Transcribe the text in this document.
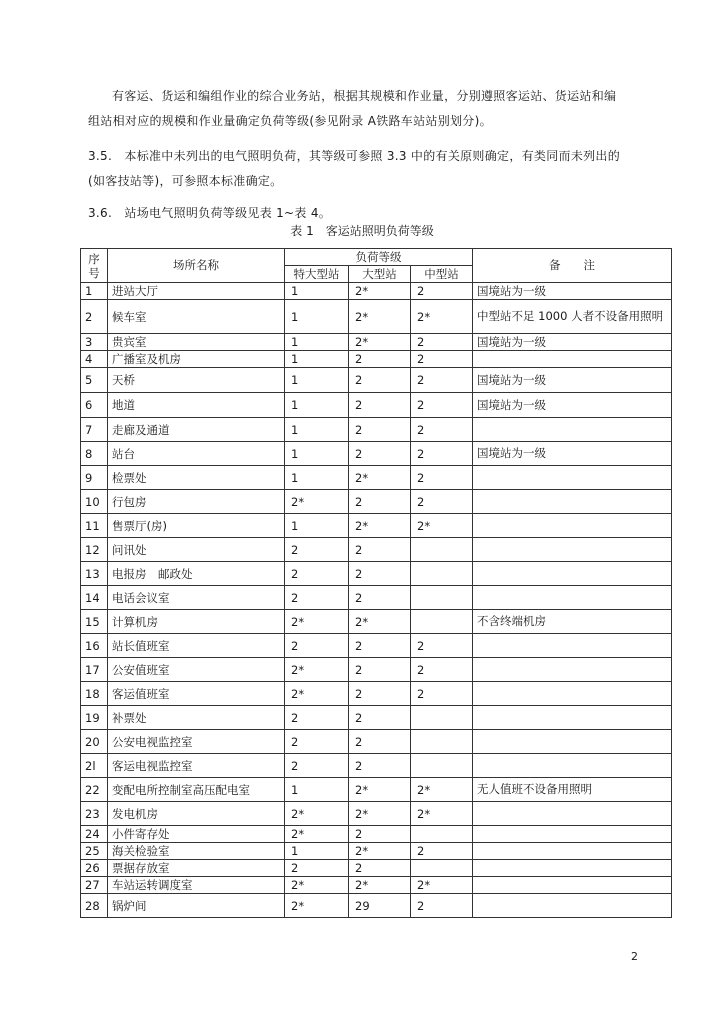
有客运、货运和编组作业的综合业务站，根据其规模和作业量，分别遵照客运站、货运站和编
组站相对应的规模和作业量确定负荷等级(参见附录 A铁路车站站别划分)。

3.5.　本标准中未列出的电气照明负荷，其等级可参照 3.3 中的有关原则确定，有类同而未列出的
(如客技站等)，可参照本标准确定。

3.6.　站场电气照明负荷等级见表 1~表 4。

表 1　客运站照明负荷等级
序号	场所名称	负荷等级			备　　注
		特大型站	大型站	中型站	
1	进站大厅	1	2*	2	国境站为一级
2	候车室	1	2*	2*	中型站不足 1000 人者不设备用照明
3	贵宾室	1	2*	2	国境站为一级
4	广播室及机房	1	2	2	
5	天桥	1	2	2	国境站为一级
6	地道	1	2	2	国境站为一级
7	走廊及通道	1	2	2	
8	站台	1	2	2	国境站为一级
9	检票处	1	2*	2	
10	行包房	2*	2	2	
11	售票厅(房)	1	2*	2*	
12	问讯处	2	2		
13	电报房　邮政处	2	2		
14	电话会议室	2	2		
15	计算机房	2*	2*		不含终端机房
16	站长值班室	2	2	2	
17	公安值班室	2*	2	2	
18	客运值班室	2*	2	2	
19	补票处	2	2		
20	公安电视监控室	2	2		
2l	客运电视监控室	2	2		
22	变配电所控制室高压配电室	1	2*	2*	无人值班不设备用照明
23	发电机房	2*	2*	2*	
24	小件寄存处	2*	2		
25	海关检验室	1	2*	2	
26	票据存放室	2	2		
27	车站运转调度室	2*	2*	2*	
28	锅炉间	2*	29	2	
2
